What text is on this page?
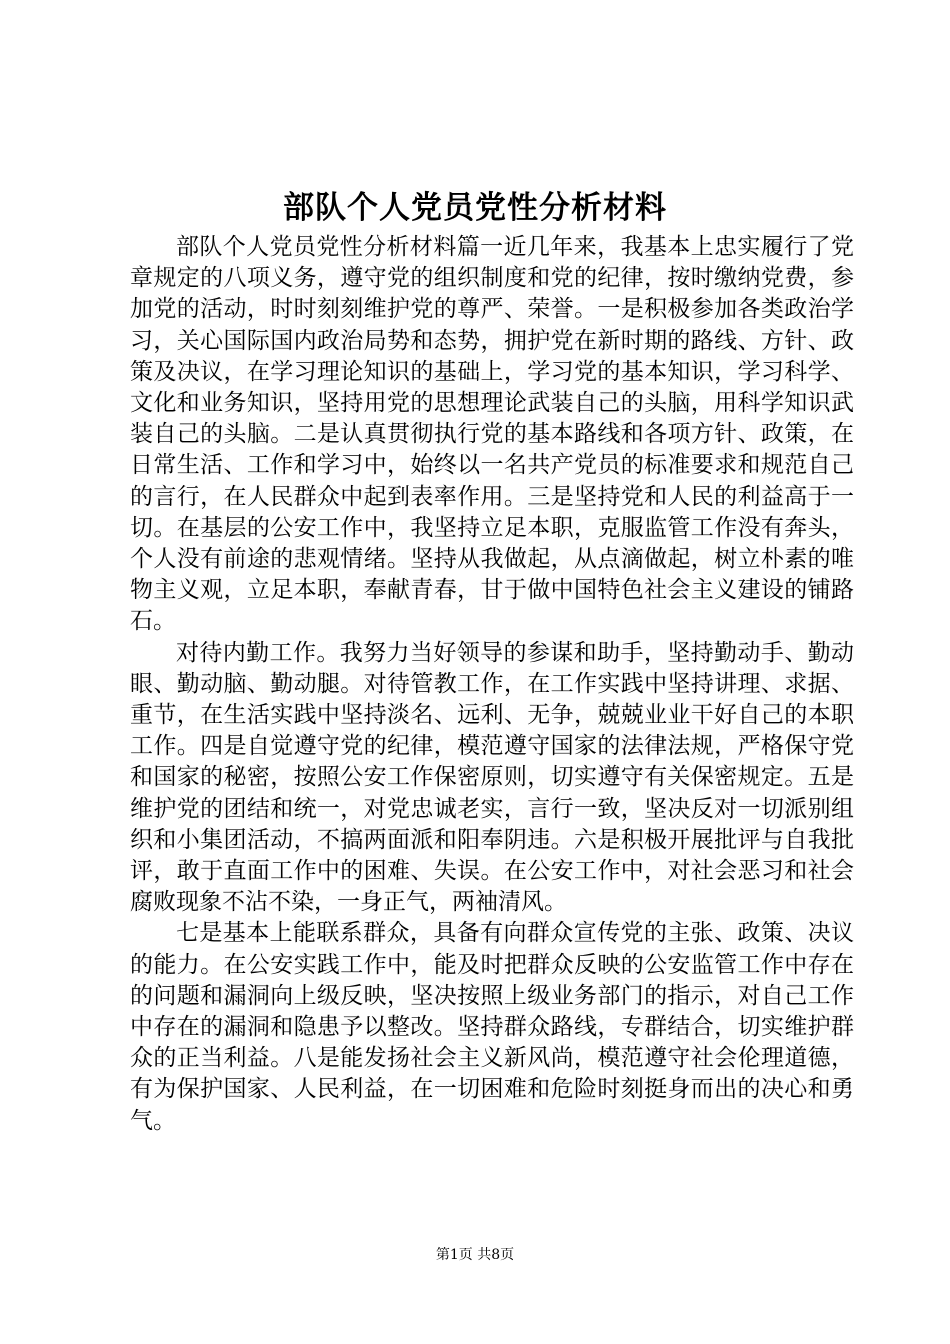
部队个人党员党性分析材料

部队个人党员党性分析材料篇一近几年来，我基本上忠实履行了党章规定的八项义务，遵守党的组织制度和党的纪律，按时缴纳党费，参加党的活动，时时刻刻维护党的尊严、荣誉。一是积极参加各类政治学习，关心国际国内政治局势和态势，拥护党在新时期的路线、方针、政策及决议，在学习理论知识的基础上，学习党的基本知识，学习科学、文化和业务知识，坚持用党的思想理论武装自己的头脑，用科学知识武装自己的头脑。二是认真贯彻执行党的基本路线和各项方针、政策，在日常生活、工作和学习中，始终以一名共产党员的标准要求和规范自己的言行，在人民群众中起到表率作用。三是坚持党和人民的利益高于一切。在基层的公安工作中，我坚持立足本职，克服监管工作没有奔头，个人没有前途的悲观情绪。坚持从我做起，从点滴做起，树立朴素的唯物主义观，立足本职，奉献青春，甘于做中国特色社会主义建设的铺路石。

对待内勤工作。我努力当好领导的参谋和助手，坚持勤动手、勤动眼、勤动脑、勤动腿。对待管教工作，在工作实践中坚持讲理、求据、重节，在生活实践中坚持淡名、远利、无争，兢兢业业干好自己的本职工作。四是自觉遵守党的纪律，模范遵守国家的法律法规，严格保守党和国家的秘密，按照公安工作保密原则，切实遵守有关保密规定。五是维护党的团结和统一，对党忠诚老实，言行一致，坚决反对一切派别组织和小集团活动，不搞两面派和阳奉阴违。六是积极开展批评与自我批评，敢于直面工作中的困难、失误。在公安工作中，对社会恶习和社会腐败现象不沾不染，一身正气，两袖清风。

七是基本上能联系群众，具备有向群众宣传党的主张、政策、决议的能力。在公安实践工作中，能及时把群众反映的公安监管工作中存在的问题和漏洞向上级反映，坚决按照上级业务部门的指示，对自己工作中存在的漏洞和隐患予以整改。坚持群众路线，专群结合，切实维护群众的正当利益。八是能发扬社会主义新风尚，模范遵守社会伦理道德，有为保护国家、人民利益，在一切困难和危险时刻挺身而出的决心和勇气。

第1页 共8页
